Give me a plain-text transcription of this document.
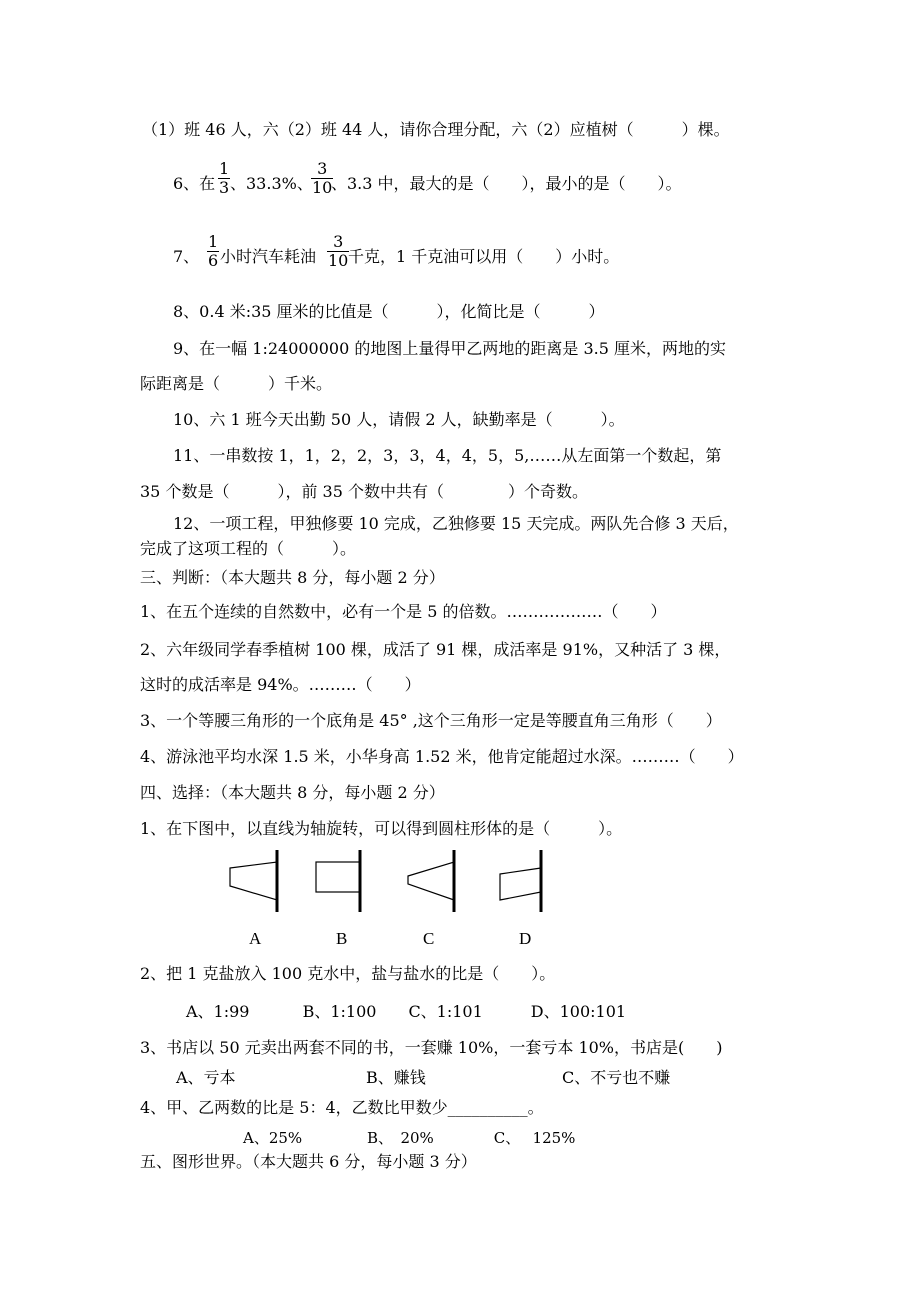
（1）班 46 人，六（2）班 44 人，请你合理分配，六（2）应植树（　　　）棵。
6、在
1
3 、33.3%、
3
10
、3.3 中，最大的是（　　），最小的是（　　）。
7、
1
6 小时汽车耗油
3
10 千克，1 千克油可以用（　　）小时。
8、0.4 米:35 厘米的比值是（　　　），化简比是（　　　）
9、在一幅 1:24000000 的地图上量得甲乙两地的距离是 3.5 厘米，两地的实
际距离是（　　　）千米。
10、六 1 班今天出勤 50 人，请假 2 人，缺勤率是（　　　）。
11、一串数按 1，1，2，2，3，3，4，4，5，5,……从左面第一个数起，第
35 个数是（　　　），前 35 个数中共有（　　　　）个奇数。
12、一项工程，甲独修要 10 完成，乙独修要 15 天完成。两队先合修 3 天后，
完成了这项工程的（　　　）。
三、判断：（本大题共 8 分，每小题 2 分）
1、在五个连续的自然数中，必有一个是 5 的倍数。………………（　　）
2、六年级同学春季植树 100 棵，成活了 91 棵，成活率是 91%，又种活了 3 棵，
这时的成活率是 94%。………（　　）
3、一个等腰三角形的一个底角是 45° ,这个三角形一定是等腰直角三角形（　　）
4、游泳池平均水深 1.5 米，小华身高 1.52 米，他肯定能超过水深。………（　　）
四、选择：（本大题共 8 分，每小题 2 分）
1、在下图中，以直线为轴旋转，可以得到圆柱形体的是（　　　）。
A	B	C	D
2、把 1 克盐放入 100 克水中，盐与盐水的比是（　　）。
A、1:99　　　 B、1:100　　C、1:101　　　D、100:101
3、书店以 50 元卖出两套不同的书，一套赚 10%，一套亏本 10%，书店是(　　)
A、亏本	B、赚钱	C、不亏也不赚
4、甲、乙两数的比是 5：4，乙数比甲数少__________。
A、25%　　　　 B、　20%　　　　C、　 125%
五、图形世界。（本大题共 6 分，每小题 3 分）
